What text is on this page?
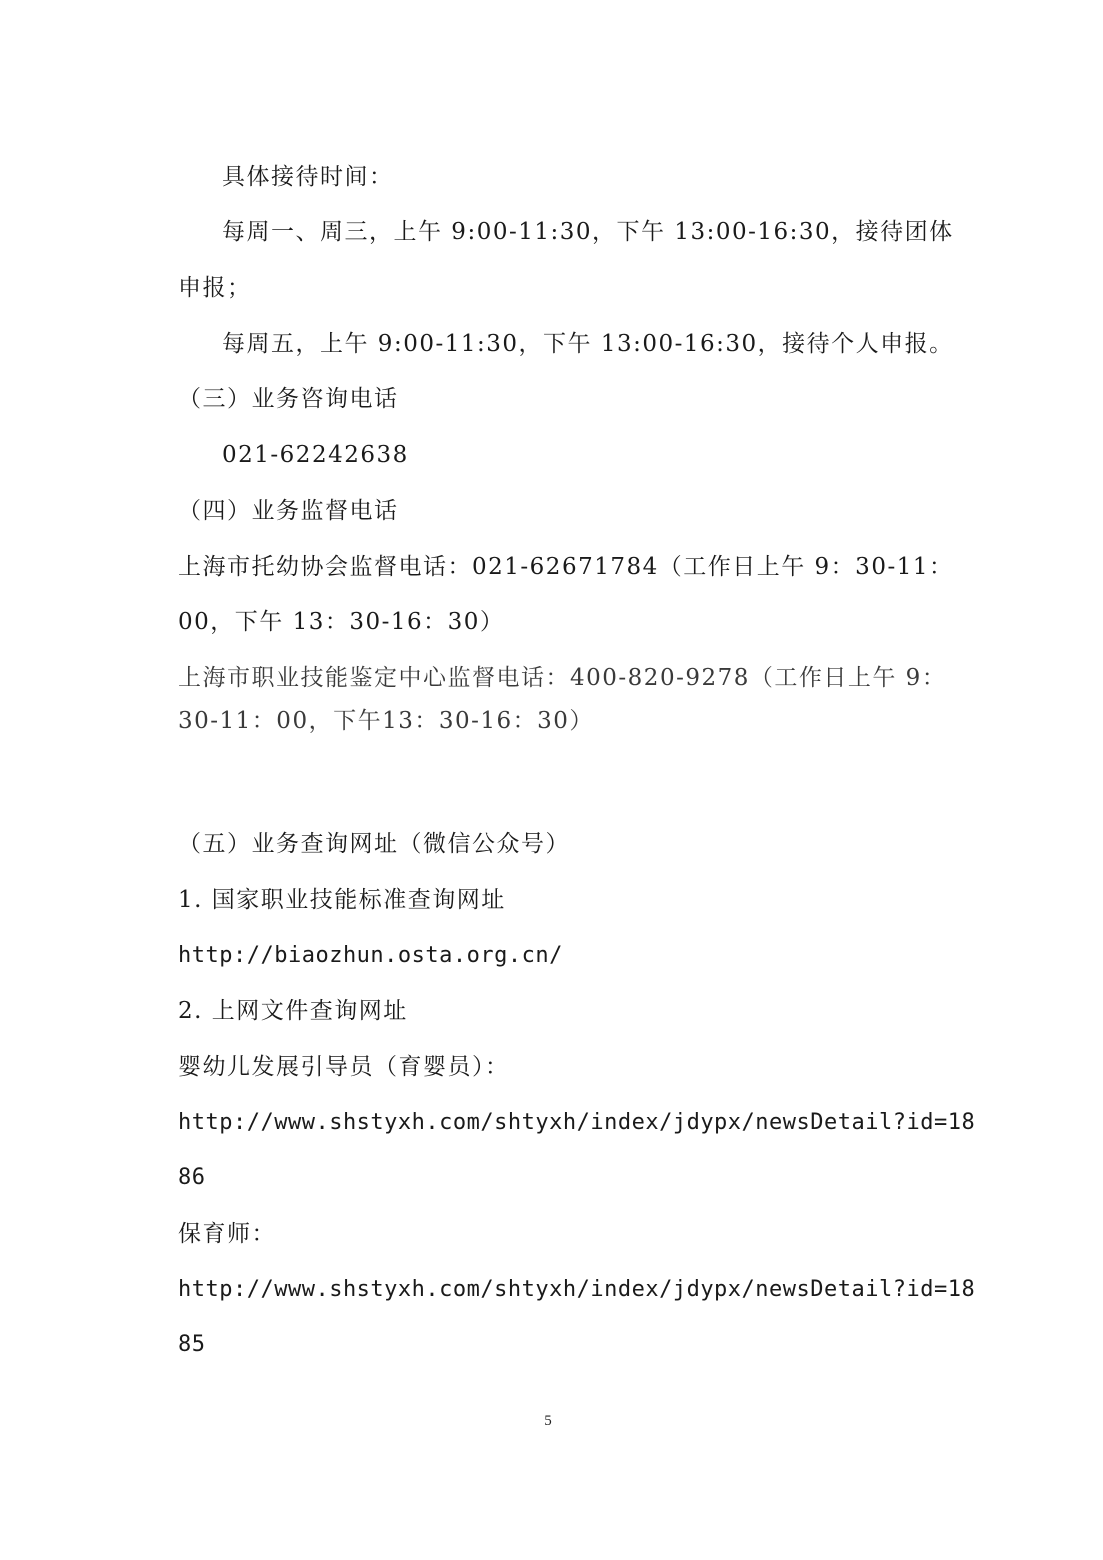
具体接待时间：
每周一、周三，上午 9:00-11:30，下午 13:00-16:30，接待团体
申报；
每周五，上午 9:00-11:30，下午 13:00-16:30，接待个人申报。
（三）业务咨询电话
021-62242638
（四）业务监督电话
上海市托幼协会监督电话：021-62671784（工作日上午 9：30-11：
00，下午 13：30-16：30）
上海市职业技能鉴定中心监督电话：400-820-9278（工作日上午 9：
30-11：00，下午13：30-16：30）
（五）业务查询网址（微信公众号）
1. 国家职业技能标准查询网址
http://biaozhun.osta.org.cn/
2. 上网文件查询网址
婴幼儿发展引导员（育婴员）：
http://www.shstyxh.com/shtyxh/index/jdypx/newsDetail?id=18
86
保育师：
http://www.shstyxh.com/shtyxh/index/jdypx/newsDetail?id=18
85
5
